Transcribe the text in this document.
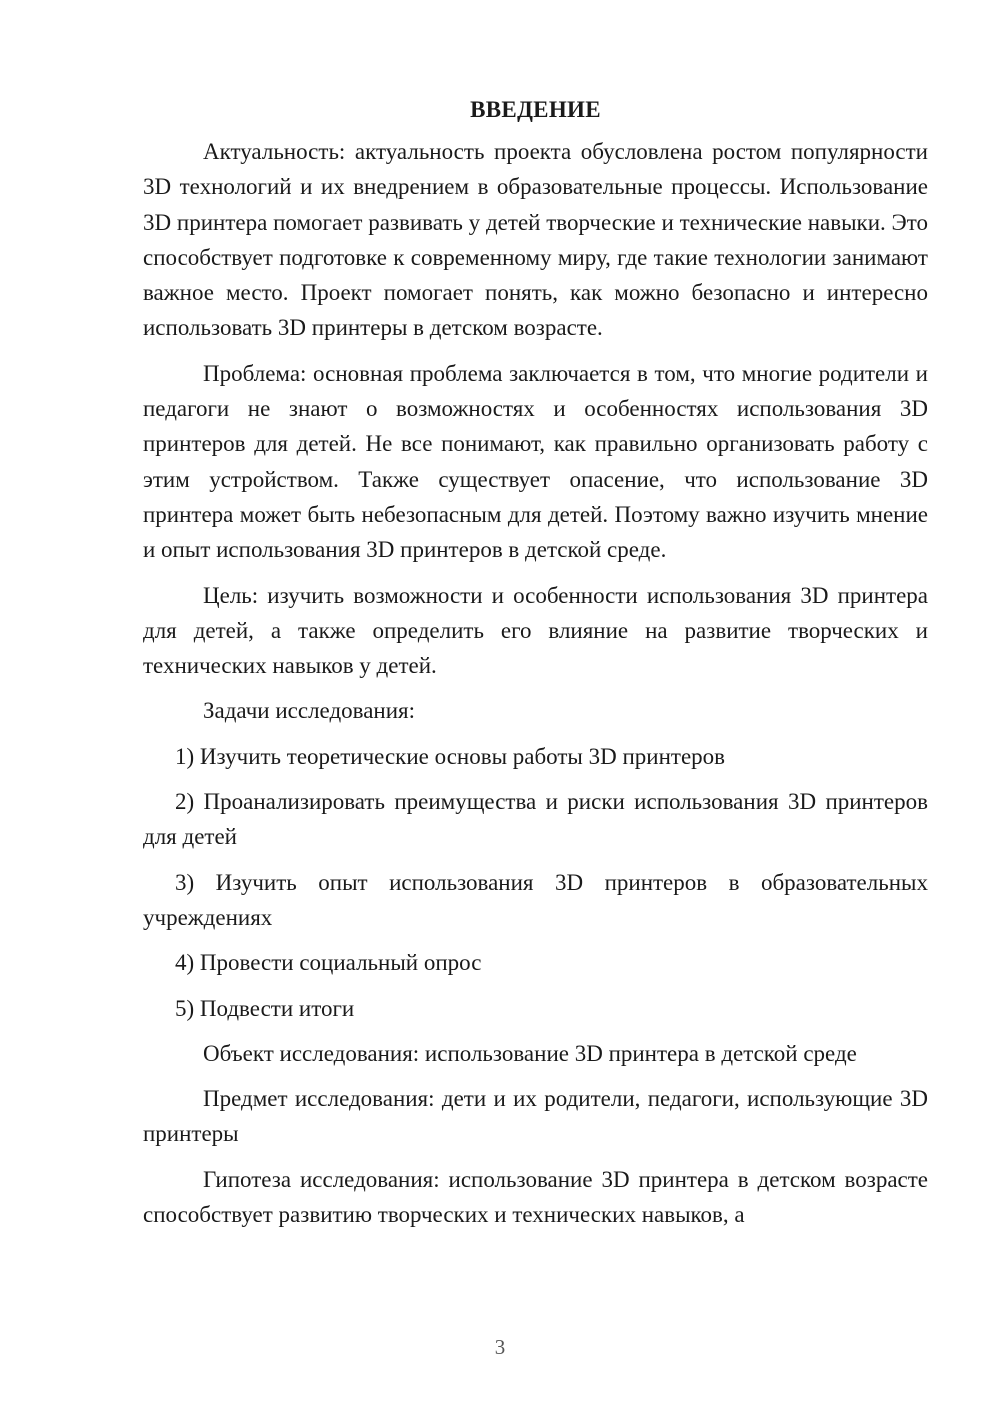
ВВЕДЕНИЕ

Актуальность: актуальность проекта обусловлена ростом популярности 3D технологий и их внедрением в образовательные процессы. Использование 3D принтера помогает развивать у детей творческие и технические навыки. Это способствует подготовке к современному миру, где такие технологии занимают важное место. Проект помогает понять, как можно безопасно и интересно использовать 3D принтеры в детском возрасте.

Проблема: основная проблема заключается в том, что многие родители и педагоги не знают о возможностях и особенностях использования 3D принтеров для детей. Не все понимают, как правильно организовать работу с этим устройством. Также существует опасение, что использование 3D принтера может быть небезопасным для детей. Поэтому важно изучить мнение и опыт использования 3D принтеров в детской среде.

Цель: изучить возможности и особенности использования 3D принтера для детей, а также определить его влияние на развитие творческих и технических навыков у детей.

Задачи исследования:

1) Изучить теоретические основы работы 3D принтеров

2) Проанализировать преимущества и риски использования 3D принтеров для детей

3) Изучить опыт использования 3D принтеров в образовательных учреждениях

4) Провести социальный опрос

5) Подвести итоги

Объект исследования: использование 3D принтера в детской среде

Предмет исследования: дети и их родители, педагоги, использующие 3D принтеры

Гипотеза исследования: использование 3D принтера в детском возрасте способствует развитию творческих и технических навыков, а

3
